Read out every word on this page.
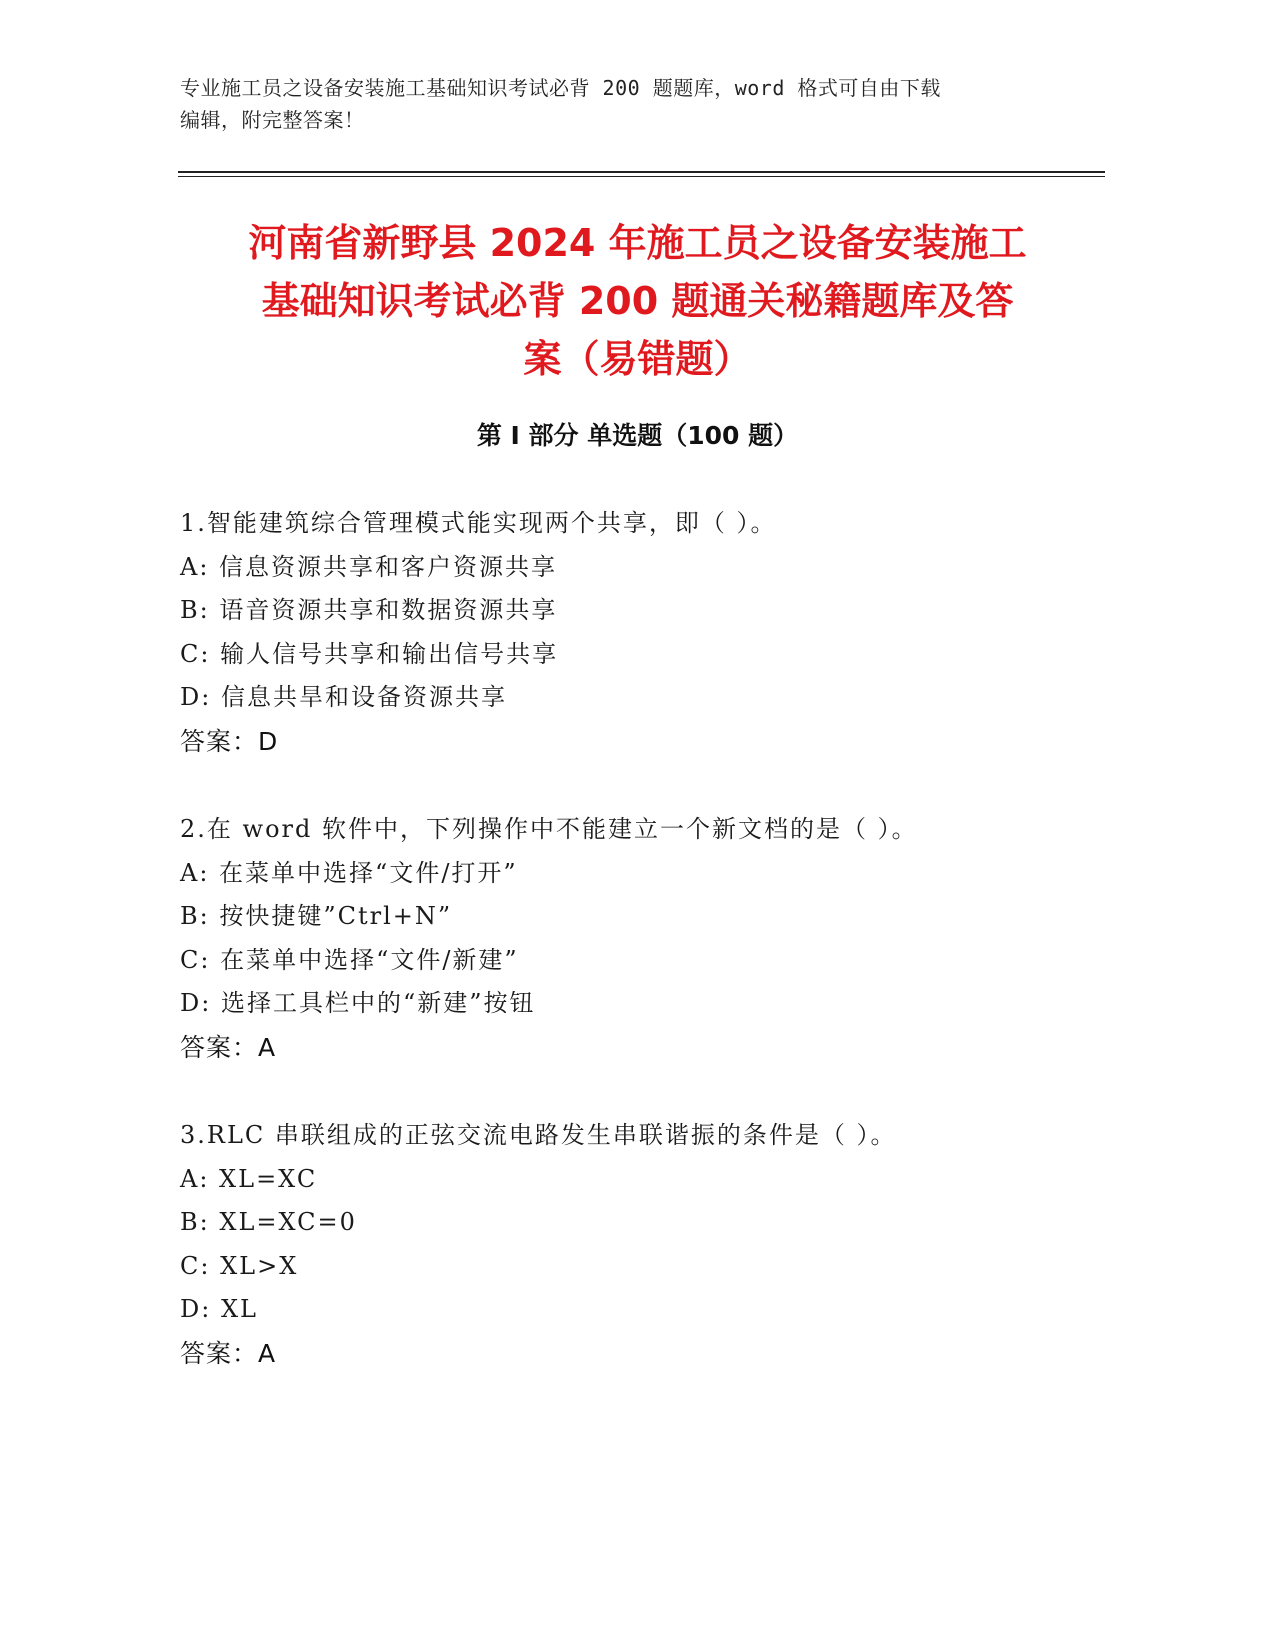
专业施工员之设备安装施工基础知识考试必背 200 题题库，word 格式可自由下载
编辑，附完整答案！
河南省新野县 2024 年施工员之设备安装施工
基础知识考试必背 200 题通关秘籍题库及答
案（易错题）
第 I 部分 单选题（100 题）
1.智能建筑综合管理模式能实现两个共享，即（ ）。
A: 信息资源共享和客户资源共享
B: 语音资源共享和数据资源共享
C: 输人信号共享和输出信号共享
D: 信息共旱和设备资源共享
答案：D
2.在 word 软件中，下列操作中不能建立一个新文档的是（ ）。
A: 在菜单中选择“文件/打开”
B: 按快捷键”Ctrl+N”
C: 在菜单中选择“文件/新建”
D: 选择工具栏中的“新建”按钮
答案：A
3.RLC 串联组成的正弦交流电路发生串联谐振的条件是（ ）。
A: XL=XC
B: XL=XC=0
C: XL>X
D: XL
答案：A
